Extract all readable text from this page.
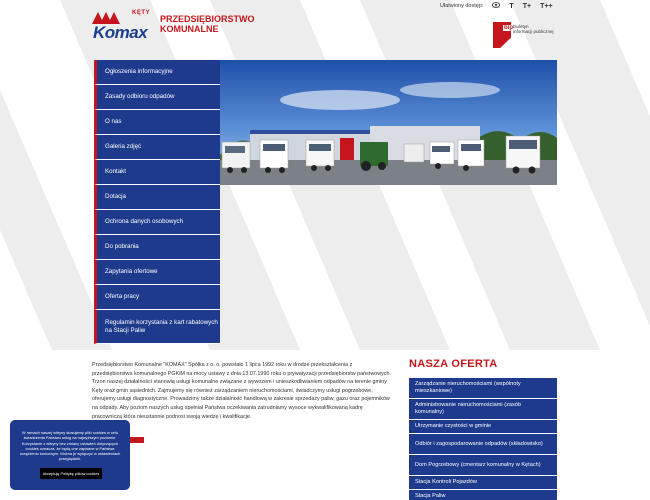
KĘTY
Komax
PRZEDSIĘBIORSTWO
KOMUNALNE
Ułatwiony dostęp:	T T+ T++
bip biuletyn
informacji publicznej
Ogłoszenia informacyjne
Zasady odbioru odpadów
O nas
Galeria zdjęć
Kontakt
Dotacja
Ochrona danych osobowych
Do pobrania
Zapytania ofertowe
Oferta pracy
Regulamin korzystania z kart rabatowych na Stacji Paliw
Przedsiębiorstwo Komunalne "KOMAX" Spółka z o. o. powstało 1 lipca 1992 roku w drodze przekształcenia z przedsiębiorstwa komunalnego PGKiM na mocy ustawy z dnia 13.07.1990 roku o prywatyzacji przedsiębiorstw państwowych. Trzon naszej działalności stanowią usługi komunalne związane z wywozem i unieszkodliwianiem odpadów na terenie gminy Kęty oraz gmin sąsiednich. Zajmujemy się również zarządzaniem nieruchomościami, świadczymy usługi pogrzebowe, oferujemy usługi diagnostyczne. Prowadzimy także działalność handlową w zakresie sprzedaży paliw, gazu oraz pojemników na odpady. Aby poziom naszych usług spełniał Państwa oczekiwania zatrudniamy wysoce wykwalifikowaną kadrę pracowniczą która nieustannie podnosi swoją wiedzę i kwalifikacje.
NASZA OFERTA
Zarządzanie nieruchomościami (wspólnoty mieszkaniowe)
Administrowanie nieruchomościami (zasób komunalny)
Utrzymanie czystości w gminie
Odbiór i zagospodarowanie odpadów (składowisko)
Dom Pogrzebowy (cmentarz komunalny w Kętach)
Stacja Kontroli Pojazdów
Stacja Paliw

W ramach naszej witryny stosujemy pliki cookies w celu świadczenia Państwu usług na najwyższym poziomie. Korzystanie z witryny bez zmiany ustawień dotyczących cookies oznacza, że będą one zapisane w Państwa urządzeniu końcowym. Można je wyłączyć w ustawieniach przeglądarki.

Akceptuję Politykę plików cookies
